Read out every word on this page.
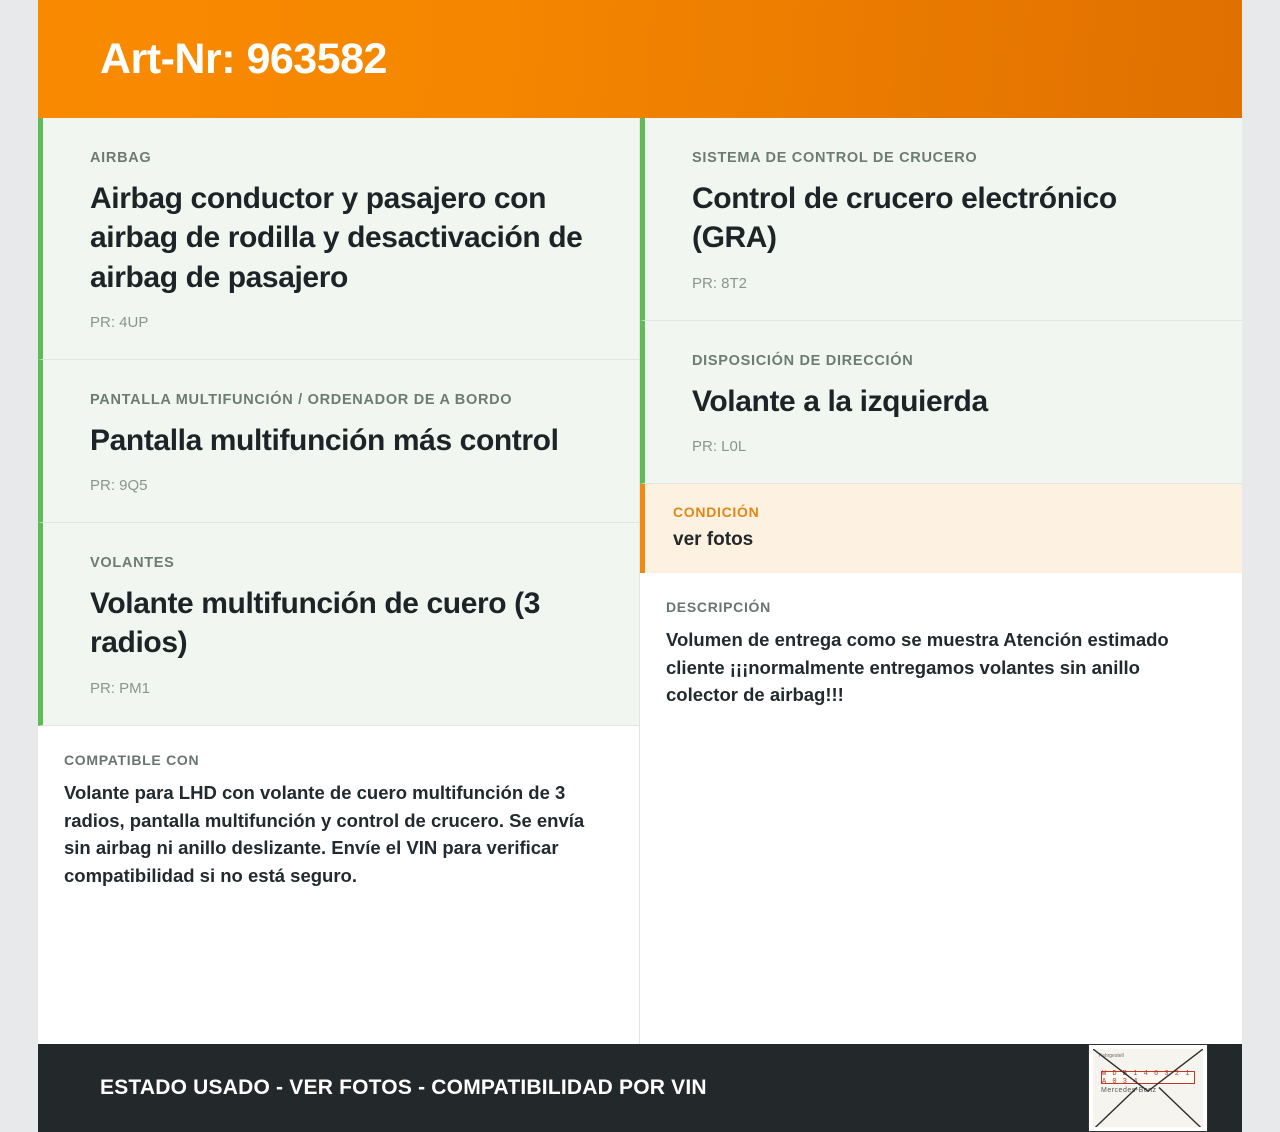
Art-Nr: 963582
AIRBAG
Airbag conductor y pasajero con airbag de rodilla y desactivación de airbag de pasajero
PR: 4UP
PANTALLA MULTIFUNCIÓN / ORDENADOR DE A BORDO
Pantalla multifunción más control
PR: 9Q5
VOLANTES
Volante multifunción de cuero (3 radios)
PR: PM1
COMPATIBLE CON
Volante para LHD con volante de cuero multifunción de 3 radios, pantalla multifunción y control de crucero. Se envía sin airbag ni anillo deslizante. Envíe el VIN para verificar compatibilidad si no está seguro.
SISTEMA DE CONTROL DE CRUCERO
Control de crucero electrónico (GRA)
PR: 8T2
DISPOSICIÓN DE DIRECCIÓN
Volante a la izquierda
PR: L0L
CONDICIÓN
ver fotos
DESCRIPCIÓN
Volumen de entrega como se muestra Atención estimado cliente ¡¡¡normalmente entregamos volantes sin anillo colector de airbag!!!
ESTADO USADO - VER FOTOS - COMPATIBILIDAD POR VIN
Fahrgestell
W D B 1 4 6 3 2 1 A 0 3 4
Mercedes-Benz
